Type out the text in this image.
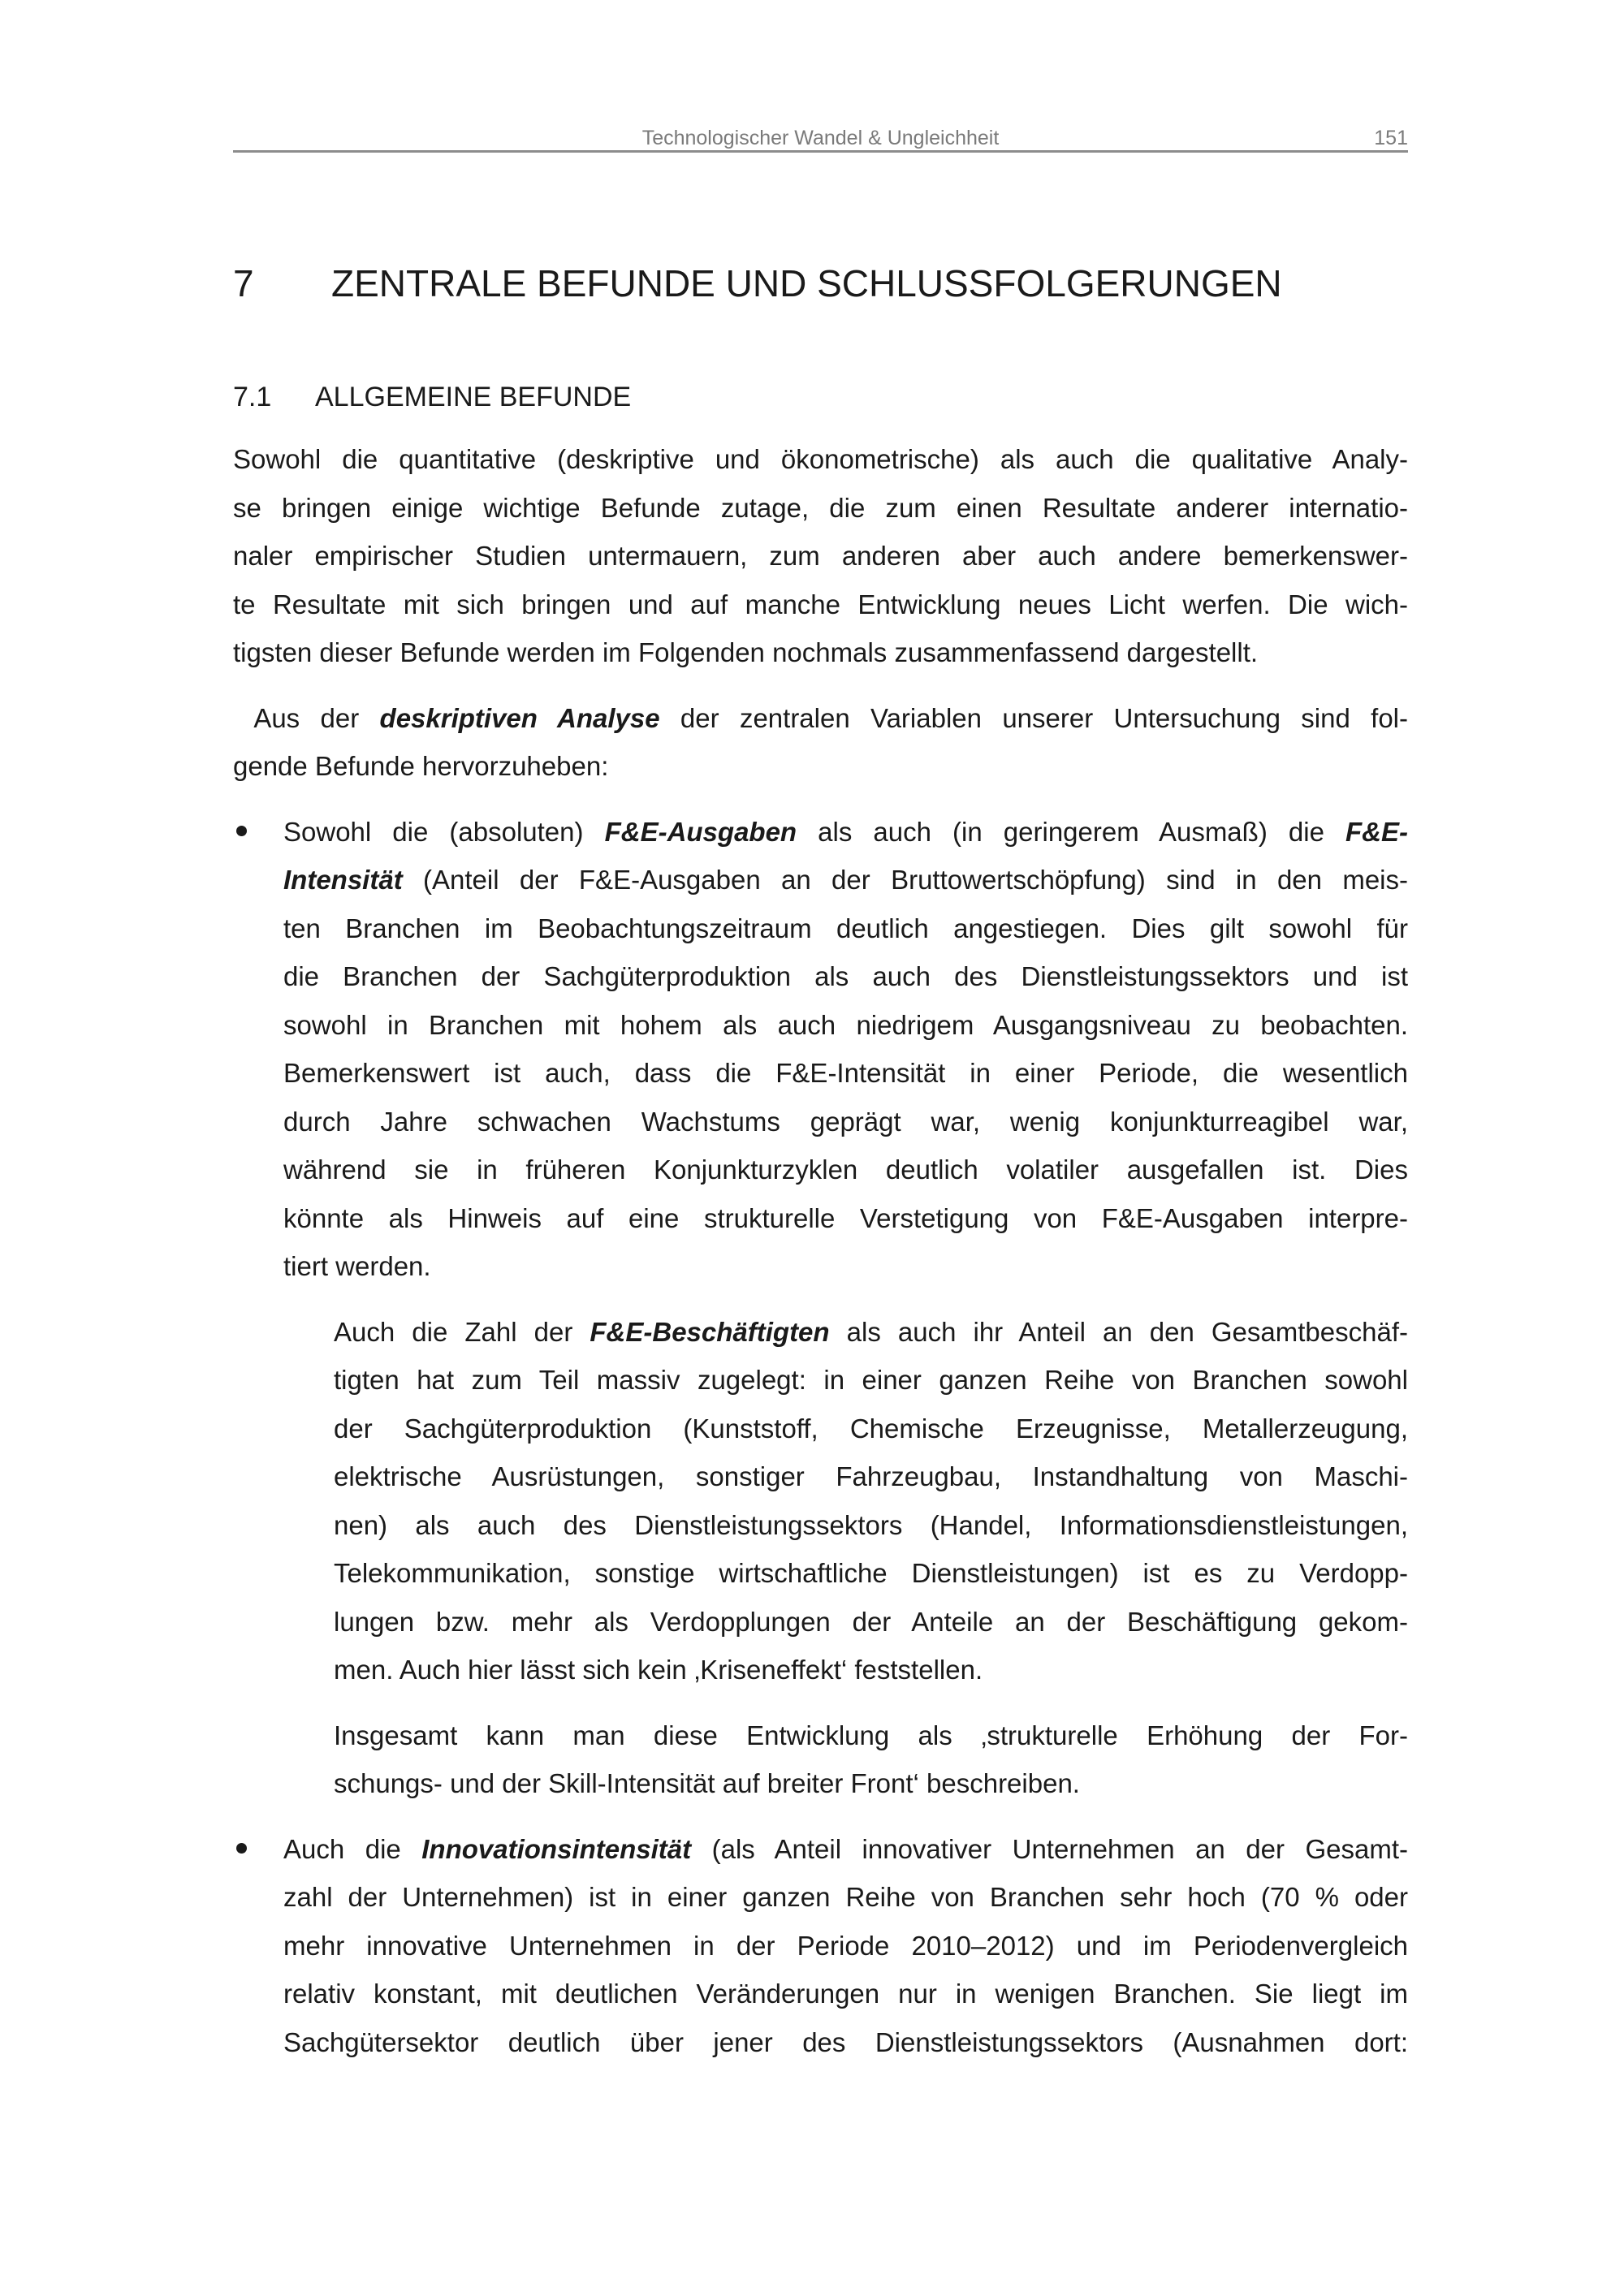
Technologischer Wandel & Ungleichheit	151
7 ZENTRALE BEFUNDE UND SCHLUSSFOLGERUNGEN
7.1 ALLGEMEINE BEFUNDE
Sowohl die quantitative (deskriptive und ökonometrische) als auch die qualitative Analy-
se bringen einige wichtige Befunde zutage, die zum einen Resultate anderer internatio-
naler empirischer Studien untermauern, zum anderen aber auch andere bemerkenswer-
te Resultate mit sich bringen und auf manche Entwicklung neues Licht werfen. Die wich-
tigsten dieser Befunde werden im Folgenden nochmals zusammenfassend dargestellt.
Aus der deskriptiven Analyse der zentralen Variablen unserer Untersuchung sind fol-
gende Befunde hervorzuheben:
Sowohl die (absoluten) F&E-Ausgaben als auch (in geringerem Ausmaß) die F&E-
Intensität (Anteil der F&E-Ausgaben an der Bruttowertschöpfung) sind in den meis-
ten Branchen im Beobachtungszeitraum deutlich angestiegen. Dies gilt sowohl für
die Branchen der Sachgüterproduktion als auch des Dienstleistungssektors und ist
sowohl in Branchen mit hohem als auch niedrigem Ausgangsniveau zu beobachten.
Bemerkenswert ist auch, dass die F&E-Intensität in einer Periode, die wesentlich
durch Jahre schwachen Wachstums geprägt war, wenig konjunkturreagibel war,
während sie in früheren Konjunkturzyklen deutlich volatiler ausgefallen ist. Dies
könnte als Hinweis auf eine strukturelle Verstetigung von F&E-Ausgaben interpre-
tiert werden.
Auch die Zahl der F&E-Beschäftigten als auch ihr Anteil an den Gesamtbeschäf-
tigten hat zum Teil massiv zugelegt: in einer ganzen Reihe von Branchen sowohl
der Sachgüterproduktion (Kunststoff, Chemische Erzeugnisse, Metallerzeugung,
elektrische Ausrüstungen, sonstiger Fahrzeugbau, Instandhaltung von Maschi-
nen) als auch des Dienstleistungssektors (Handel, Informationsdienstleistungen,
Telekommunikation, sonstige wirtschaftliche Dienstleistungen) ist es zu Verdopp-
lungen bzw. mehr als Verdopplungen der Anteile an der Beschäftigung gekom-
men. Auch hier lässt sich kein ‚Kriseneffekt‘ feststellen.
Insgesamt kann man diese Entwicklung als ‚strukturelle Erhöhung der For-
schungs- und der Skill-Intensität auf breiter Front‘ beschreiben.
Auch die Innovationsintensität (als Anteil innovativer Unternehmen an der Gesamt-
zahl der Unternehmen) ist in einer ganzen Reihe von Branchen sehr hoch (70 % oder
mehr innovative Unternehmen in der Periode 2010–2012) und im Periodenvergleich
relativ konstant, mit deutlichen Veränderungen nur in wenigen Branchen. Sie liegt im
Sachgütersektor deutlich über jener des Dienstleistungssektors (Ausnahmen dort:
